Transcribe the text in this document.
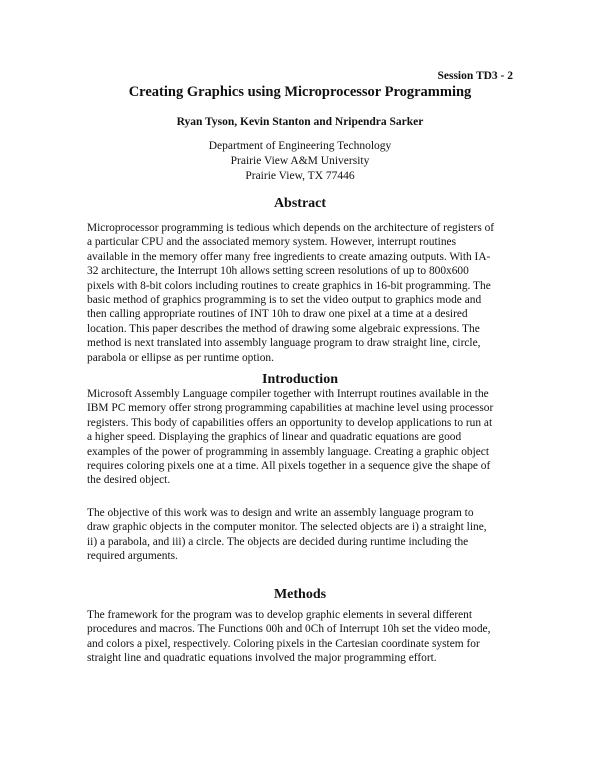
Session TD3 - 2
Creating Graphics using Microprocessor Programming
Ryan Tyson, Kevin Stanton and Nripendra Sarker
Department of Engineering Technology
Prairie View A&M University
Prairie View, TX 77446
Abstract
Microprocessor programming is tedious which depends on the architecture of registers of
a particular CPU and the associated memory system. However, interrupt routines
available in the memory offer many free ingredients to create amazing outputs. With IA-
32 architecture, the Interrupt 10h allows setting screen resolutions of up to 800x600
pixels with 8-bit colors including routines to create graphics in 16-bit programming. The
basic method of graphics programming is to set the video output to graphics mode and
then calling appropriate routines of INT 10h to draw one pixel at a time at a desired
location. This paper describes the method of drawing some algebraic expressions. The
method is next translated into assembly language program to draw straight line, circle,
parabola or ellipse as per runtime option.
Introduction
Microsoft Assembly Language compiler together with Interrupt routines available in the
IBM PC memory offer strong programming capabilities at machine level using processor
registers. This body of capabilities offers an opportunity to develop applications to run at
a higher speed. Displaying the graphics of linear and quadratic equations are good
examples of the power of programming in assembly language. Creating a graphic object
requires coloring pixels one at a time. All pixels together in a sequence give the shape of
the desired object.
The objective of this work was to design and write an assembly language program to
draw graphic objects in the computer monitor. The selected objects are i) a straight line,
ii) a parabola, and iii) a circle. The objects are decided during runtime including the
required arguments.
Methods
The framework for the program was to develop graphic elements in several different
procedures and macros. The Functions 00h and 0Ch of Interrupt 10h set the video mode,
and colors a pixel, respectively. Coloring pixels in the Cartesian coordinate system for
straight line and quadratic equations involved the major programming effort.
